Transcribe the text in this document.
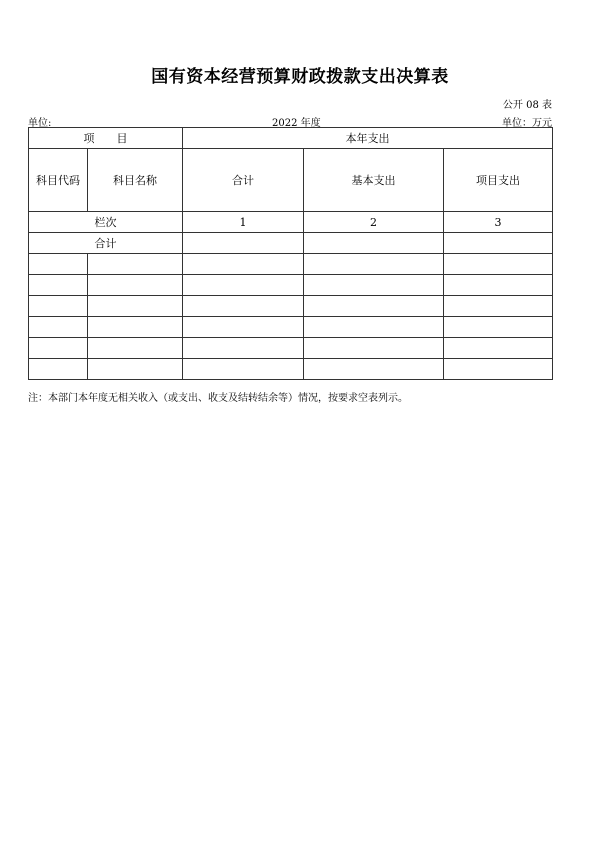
国有资本经营预算财政拨款支出决算表
公开 08 表
单位:	2022 年度	单位：万元
项　　目		本年支出		
科目代码	科目名称	合计	基本支出	项目支出
栏次		1	2	3
合计				

注：本部门本年度无相关收入（或支出、收支及结转结余等）情况，按要求空表列示。
